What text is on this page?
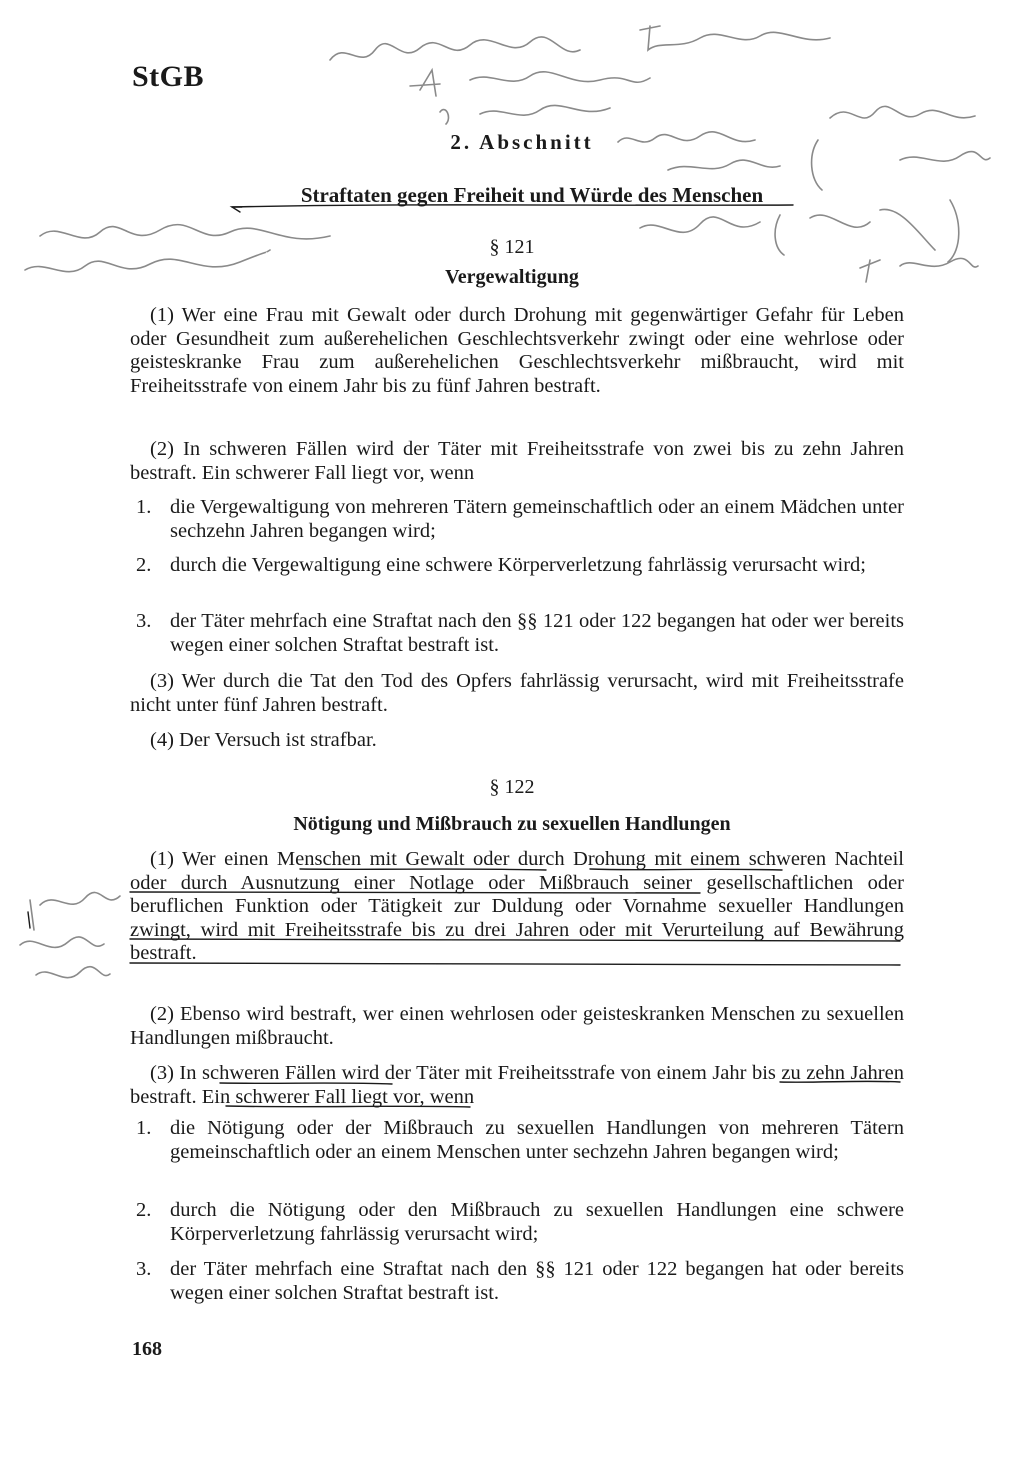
StGB
2. Abschnitt
Straftaten gegen Freiheit und Würde des Menschen
§ 121
Vergewaltigung
(1) Wer eine Frau mit Gewalt oder durch Drohung mit gegenwärtiger Gefahr für Leben oder Gesundheit zum außerehelichen Geschlechtsverkehr zwingt oder eine wehrlose oder geisteskranke Frau zum außerehelichen Geschlechtsverkehr mißbraucht, wird mit Freiheitsstrafe von einem Jahr bis zu fünf Jahren bestraft.
(2) In schweren Fällen wird der Täter mit Freiheitsstrafe von zwei bis zu zehn Jahren bestraft. Ein schwerer Fall liegt vor, wenn
1. die Vergewaltigung von mehreren Tätern gemeinschaftlich oder an einem Mädchen unter sechzehn Jahren begangen wird;
2. durch die Vergewaltigung eine schwere Körperverletzung fahrlässig verursacht wird;
3. der Täter mehrfach eine Straftat nach den §§ 121 oder 122 begangen hat oder wer bereits wegen einer solchen Straftat bestraft ist.
(3) Wer durch die Tat den Tod des Opfers fahrlässig verursacht, wird mit Freiheitsstrafe nicht unter fünf Jahren bestraft.
(4) Der Versuch ist strafbar.
§ 122
Nötigung und Mißbrauch zu sexuellen Handlungen
(1) Wer einen Menschen mit Gewalt oder durch Drohung mit einem schweren Nachteil oder durch Ausnutzung einer Notlage oder Mißbrauch seiner gesellschaftlichen oder beruflichen Funktion oder Tätigkeit zur Duldung oder Vornahme sexueller Handlungen zwingt, wird mit Freiheitsstrafe bis zu drei Jahren oder mit Verurteilung auf Bewährung bestraft.
(2) Ebenso wird bestraft, wer einen wehrlosen oder geisteskranken Menschen zu sexuellen Handlungen mißbraucht.
(3) In schweren Fällen wird der Täter mit Freiheitsstrafe von einem Jahr bis zu zehn Jahren bestraft. Ein schwerer Fall liegt vor, wenn
1. die Nötigung oder der Mißbrauch zu sexuellen Handlungen von mehreren Tätern gemeinschaftlich oder an einem Menschen unter sechzehn Jahren begangen wird;
2. durch die Nötigung oder den Mißbrauch zu sexuellen Handlungen eine schwere Körperverletzung fahrlässig verursacht wird;
3. der Täter mehrfach eine Straftat nach den §§ 121 oder 122 begangen hat oder bereits wegen einer solchen Straftat bestraft ist.
168
